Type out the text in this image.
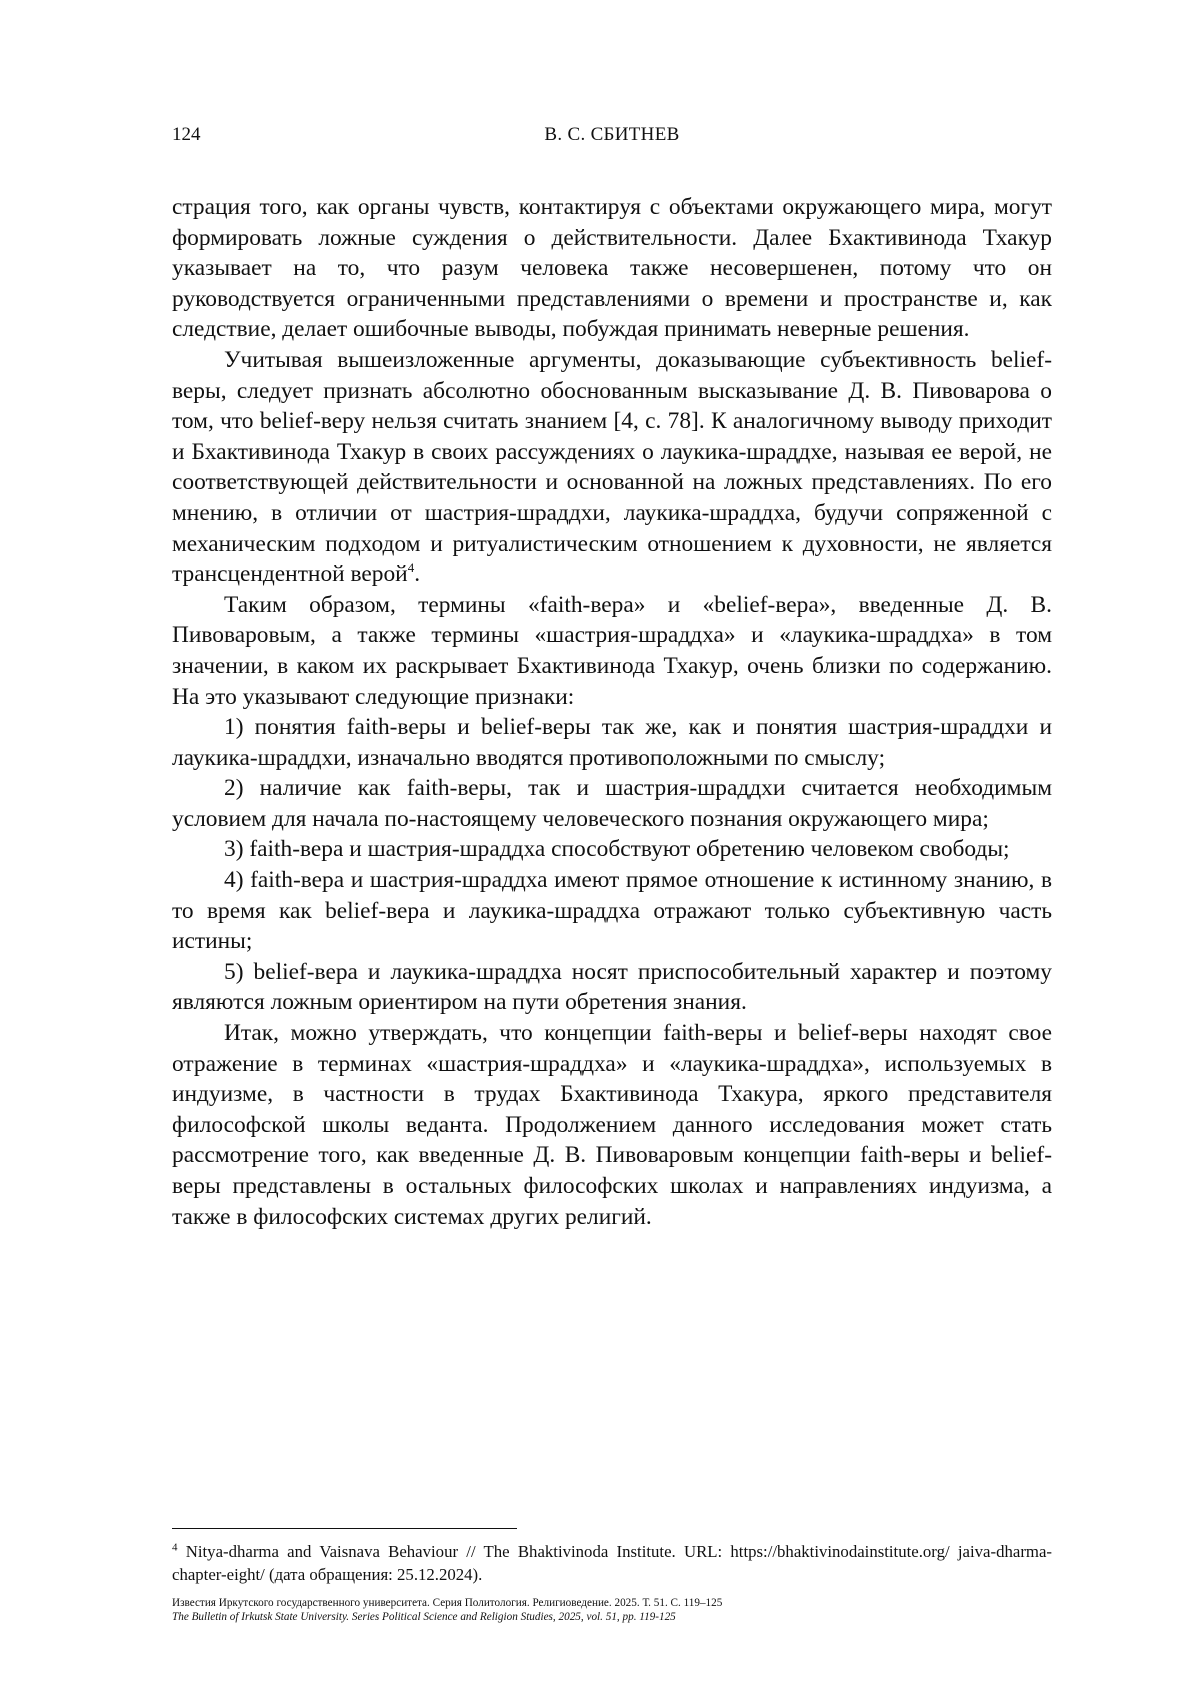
124	В. С. СБИТНЕВ

страция того, как органы чувств, контактируя с объектами окружающего мира, могут формировать ложные суждения о действительности. Далее Бхактивинода Тхакур указывает на то, что разум человека также несовершенен, потому что он руководствуется ограниченными представлениями о времени и пространстве и, как следствие, делает ошибочные выводы, побуждая принимать неверные решения.

Учитывая вышеизложенные аргументы, доказывающие субъективность belief-веры, следует признать абсолютно обоснованным высказывание Д. В. Пивоварова о том, что belief-веру нельзя считать знанием [4, с. 78]. К аналогичному выводу приходит и Бхактивинода Тхакур в своих рассуждениях о лаукика-шраддхе, называя ее верой, не соответствующей действительности и основанной на ложных представлениях. По его мнению, в отличии от шастрия-шраддхи, лаукика-шраддха, будучи сопряженной с механическим подходом и ритуалистическим отношением к духовности, не является трансцендентной верой$^4$.

Таким образом, термины «faith-вера» и «belief-вера», введенные Д. В. Пивоваровым, а также термины «шастрия-шраддха» и «лаукика-шраддха» в том значении, в каком их раскрывает Бхактивинода Тхакур, очень близки по содержанию. На это указывают следующие признаки:

1) понятия faith-веры и belief-веры так же, как и понятия шастрия-шраддхи и лаукика-шраддхи, изначально вводятся противоположными по смыслу;

2) наличие как faith-веры, так и шастрия-шраддхи считается необходимым условием для начала по-настоящему человеческого познания окружающего мира;

3) faith-вера и шастрия-шраддха способствуют обретению человеком свободы;

4) faith-вера и шастрия-шраддха имеют прямое отношение к истинному знанию, в то время как belief-вера и лаукика-шраддха отражают только субъективную часть истины;

5) belief-вера и лаукика-шраддха носят приспособительный характер и поэтому являются ложным ориентиром на пути обретения знания.

Итак, можно утверждать, что концепции faith-веры и belief-веры находят свое отражение в терминах «шастрия-шраддха» и «лаукика-шраддха», используемых в индуизме, в частности в трудах Бхактивинода Тхакура, яркого представителя философской школы веданта. Продолжением данного исследования может стать рассмотрение того, как введенные Д. В. Пивоваровым концепции faith-веры и belief-веры представлены в остальных философских школах и направлениях индуизма, а также в философских системах других религий.

$^4$ Nitya-dharma and Vaisnava Behaviour // The Bhaktivinoda Institute. URL: https://bhaktivinodainstitute.org/ jaiva-dharma-chapter-eight/ (дата обращения: 25.12.2024).
Известия Иркутского государственного университета. Серия Политология. Религиоведение. 2025. Т. 51. С. 119–125
The Bulletin of Irkutsk State University. Series Political Science and Religion Studies, 2025, vol. 51, pp. 119-125
